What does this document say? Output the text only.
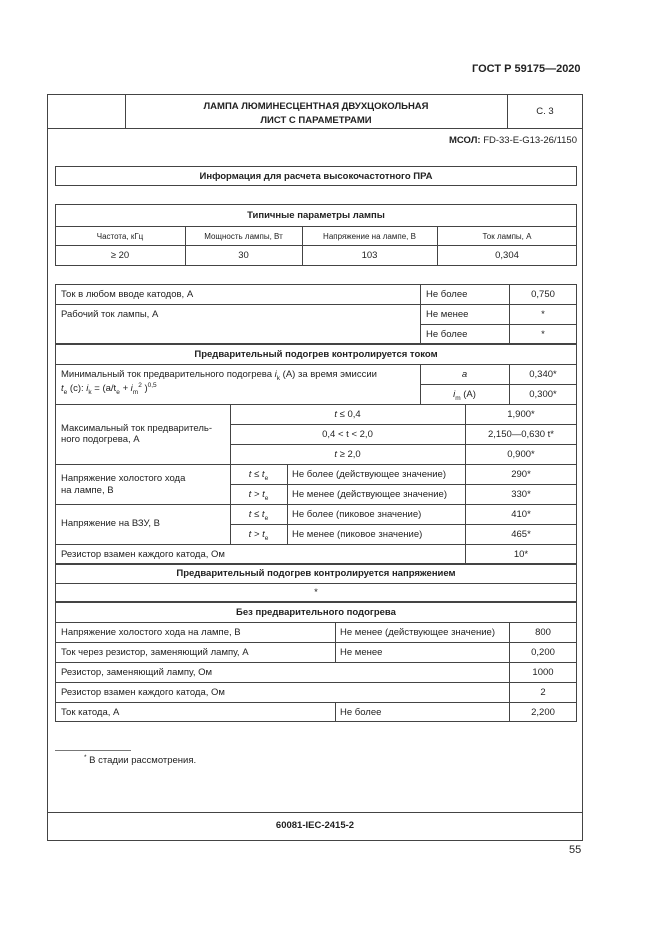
ГОСТ Р 59175—2020
ЛАМПА ЛЮМИНЕСЦЕНТНАЯ ДВУХЦОКОЛЬНАЯ
ЛИСТ С ПАРАМЕТРАМИ
С. 3
МСОЛ: FD-33-E-G13-26/1150
60081-IEC-2415-2
Информация для расчета высокочастотного ПРА
Типичные параметры лампы
Частота, кГц	Мощность лампы, Вт	Напряжение на лампе, В	Ток лампы, А
≥ 20	30	103	0,304
Ток в любом вводе катодов, А	Не более	0,750
Рабочий ток лампы, А	Не менее	*
Не более	*
Предварительный подогрев контролируется током
Минимальный ток предварительного подогрева $i_k$ (А) за время эмиссии
$t_e$ (с): $i_k = (a/t_e + i_m^2$ )$^{0,5}$
a	0,340*
$i_m$ (А)	0,300*
Максимальный ток предваритель-
ного подогрева, А
t ≤ 0,4	1,900*
0,4 < t < 2,0	2,150—0,630 t*
t ≥ 2,0	0,900*
Напряжение холостого хода
на лампе, В
$t \le t_e$	Не более (действующее значение)	290*
$t > t_e$	Не менее (действующее значение)	330*
Напряжение на ВЗУ, В
$t \le t_e$	Не более (пиковое значение)	410*
$t > t_e$	Не менее (пиковое значение)	465*
Резистор взамен каждого катода, Ом	10*
Предварительный подогрев контролируется напряжением
*
Без предварительного подогрева
Напряжение холостого хода на лампе, В	Не менее (действующее значение)	800
Ток через резистор, заменяющий лампу, А	Не менее	0,200
Резистор, заменяющий лампу, Ом	1000
Резистор взамен каждого катода, Ом	2
Ток катода, А	Не более	2,200
* В стадии рассмотрения.
55
